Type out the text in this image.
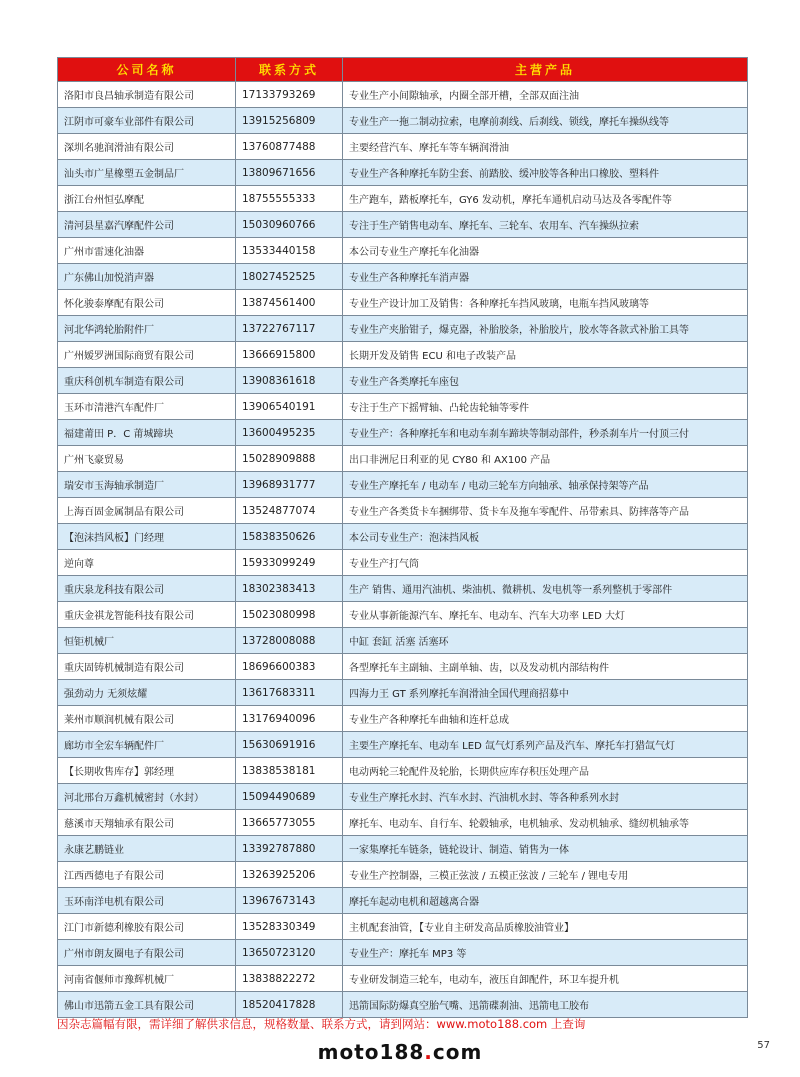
公司名称	联系方式	主营产品
洛阳市良昌轴承制造有限公司	17133793269	专业生产小间隙轴承，内圈全部开槽，全部双面注油
江阴市可豪车业部件有限公司	13915256809	专业生产一拖二制动拉索，电摩前刹线、后刹线、锁线，摩托车操纵线等
深圳名驰润滑油有限公司	13760877488	主要经营汽车、摩托车等车辆润滑油
汕头市广星橡塑五金制品厂	13809671656	专业生产各种摩托车防尘套、前踏胶、缓冲胶等各种出口橡胶、塑料件
浙江台州恒弘摩配	18755555333	生产跑车，踏板摩托车，GY6 发动机，摩托车通机启动马达及各零配件等
清河县星嘉汽摩配件公司	15030960766	专注于生产销售电动车、摩托车、三轮车、农用车、汽车操纵拉索
广州市雷速化油器	13533440158	本公司专业生产摩托车化油器
广东佛山加悦消声器	18027452525	专业生产各种摩托车消声器
怀化骏泰摩配有限公司	13874561400	专业生产设计加工及销售：各种摩托车挡风玻璃，电瓶车挡风玻璃等
河北华鸿轮胎附件厂	13722767117	专业生产夹胎钳子，爆克器，补胎胶条，补胎胶片，胶水等各款式补胎工具等
广州嫒罗洲国际商贸有限公司	13666915800	长期开发及销售 ECU 和电子改装产品
重庆科创机车制造有限公司	13908361618	专业生产各类摩托车座包
玉环市清港汽车配件厂	13906540191	专注于生产下摇臂轴、凸轮齿轮轴等零件
福建莆田 P．C 莆城蹄块	13600495235	专业生产：各种摩托车和电动车刹车蹄块等制动部件，秒杀刹车片一付顶三付
广州飞豪贸易	15028909888	出口非洲尼日利亚的见 CY80 和 AX100 产品
瑞安市玉海轴承制造厂	13968931777	专业生产摩托车 / 电动车 / 电动三轮车方向轴承、轴承保持架等产品
上海百固金属制品有限公司	13524877074	专业生产各类货卡车捆绑带、货卡车及拖车零配件、吊带索具、防摔落等产品
【泡沫挡风板】门经理	15838350626	本公司专业生产：泡沫挡风板
逆向尊	15933099249	专业生产打气筒
重庆泉龙科技有限公司	18302383413	生产 销售、通用汽油机、柴油机、微耕机、发电机等一系列整机于零部件
重庆金祺龙智能科技有限公司	15023080998	专业从事新能源汽车、摩托车、电动车、汽车大功率 LED 大灯
恒钜机械厂	13728008088	中缸 套缸 活塞 活塞环
重庆固铸机械制造有限公司	18696600383	各型摩托车主副轴、主副单轴、齿，以及发动机内部结构件
强劲动力 无须炫耀	13617683311	四海力王 GT 系列摩托车润滑油全国代理商招募中
莱州市顺润机械有限公司	13176940096	专业生产各种摩托车曲轴和连杆总成
廊坊市全宏车辆配件厂	15630691916	主要生产摩托车、电动车 LED 氙气灯系列产品及汽车、摩托车打猎氙气灯
【长期收售库存】郭经理	13838538181	电动两轮三轮配件及轮胎，长期供应库存积压处理产品
河北邢台万鑫机械密封（水封）	15094490689	专业生产摩托水封、汽车水封、汽油机水封、等各种系列水封
慈溪市天翔轴承有限公司	13665773055	摩托车、电动车、自行车、轮毂轴承，电机轴承、发动机轴承、缝纫机轴承等
永康艺鹏链业	13392787880	一家集摩托车链条，链轮设计、制造、销售为一体
江西西德电子有限公司	13263925206	专业生产控制器，三模正弦波 / 五模正弦波 / 三轮车 / 锂电专用
玉环南洋电机有限公司	13967673143	摩托车起动电机和超越离合器
江门市新德利橡胶有限公司	13528330349	主机配套油管，【专业自主研发高品质橡胶油管业】
广州市朗友圈电子有限公司	13650723120	专业生产：摩托车 MP3 等
河南省偃师市豫辉机械厂	13838822272	专业研发制造三轮车，电动车，液压自卸配件，环卫车提升机
佛山市迅箭五金工具有限公司	18520417828	迅箭国际防爆真空胎气嘴、迅箭碟刹油、迅箭电工胶布
因杂志篇幅有限，需详细了解供求信息，规格数量、联系方式，请到网站：www.moto188.com 上查询
moto188.com	57
